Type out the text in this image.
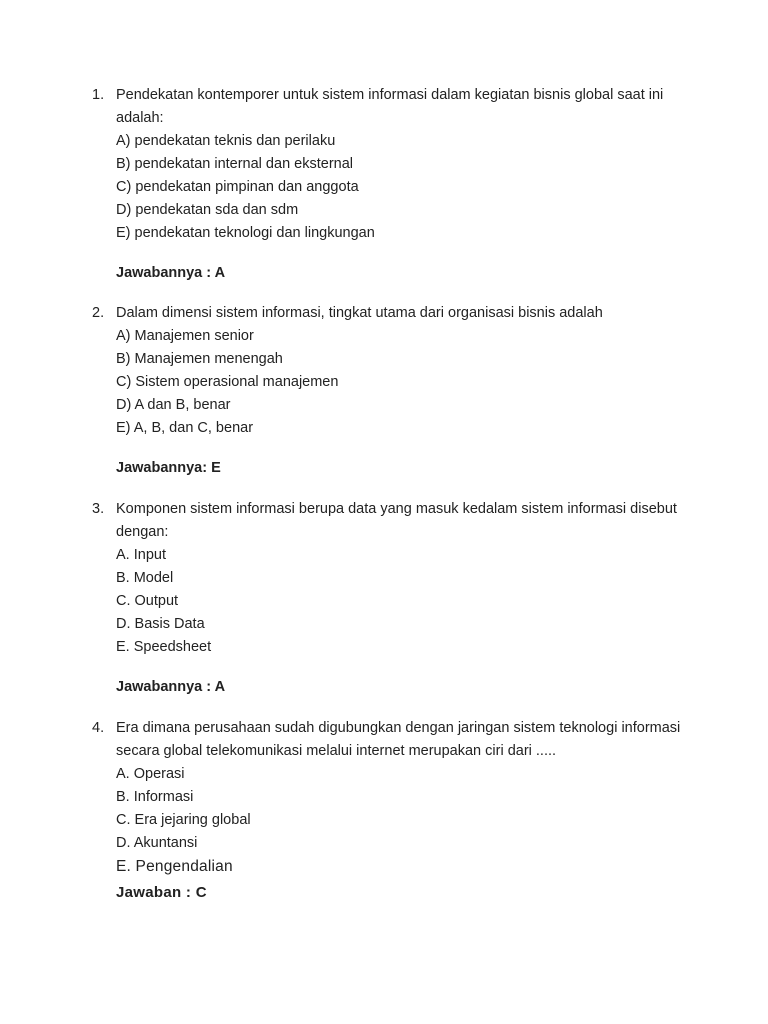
1. Pendekatan kontemporer untuk sistem informasi dalam kegiatan bisnis global saat ini adalah:
A) pendekatan teknis dan perilaku
B) pendekatan internal dan eksternal
C) pendekatan pimpinan dan anggota
D) pendekatan sda dan sdm
E) pendekatan teknologi dan lingkungan
Jawabannya : A
2. Dalam dimensi sistem informasi, tingkat utama dari organisasi bisnis adalah
A) Manajemen senior
B) Manajemen menengah
C) Sistem operasional manajemen
D) A dan B, benar
E) A, B, dan C, benar
Jawabannya: E
3. Komponen sistem informasi berupa data yang masuk kedalam sistem informasi disebut dengan:
A. Input
B. Model
C. Output
D. Basis Data
E. Speedsheet
Jawabannya : A
4. Era dimana perusahaan sudah digubungkan dengan jaringan sistem teknologi informasi secara global telekomunikasi melalui internet merupakan ciri dari .....
A. Operasi
B. Informasi
C. Era jejaring global
D. Akuntansi
E. Pengendalian
Jawaban : C
